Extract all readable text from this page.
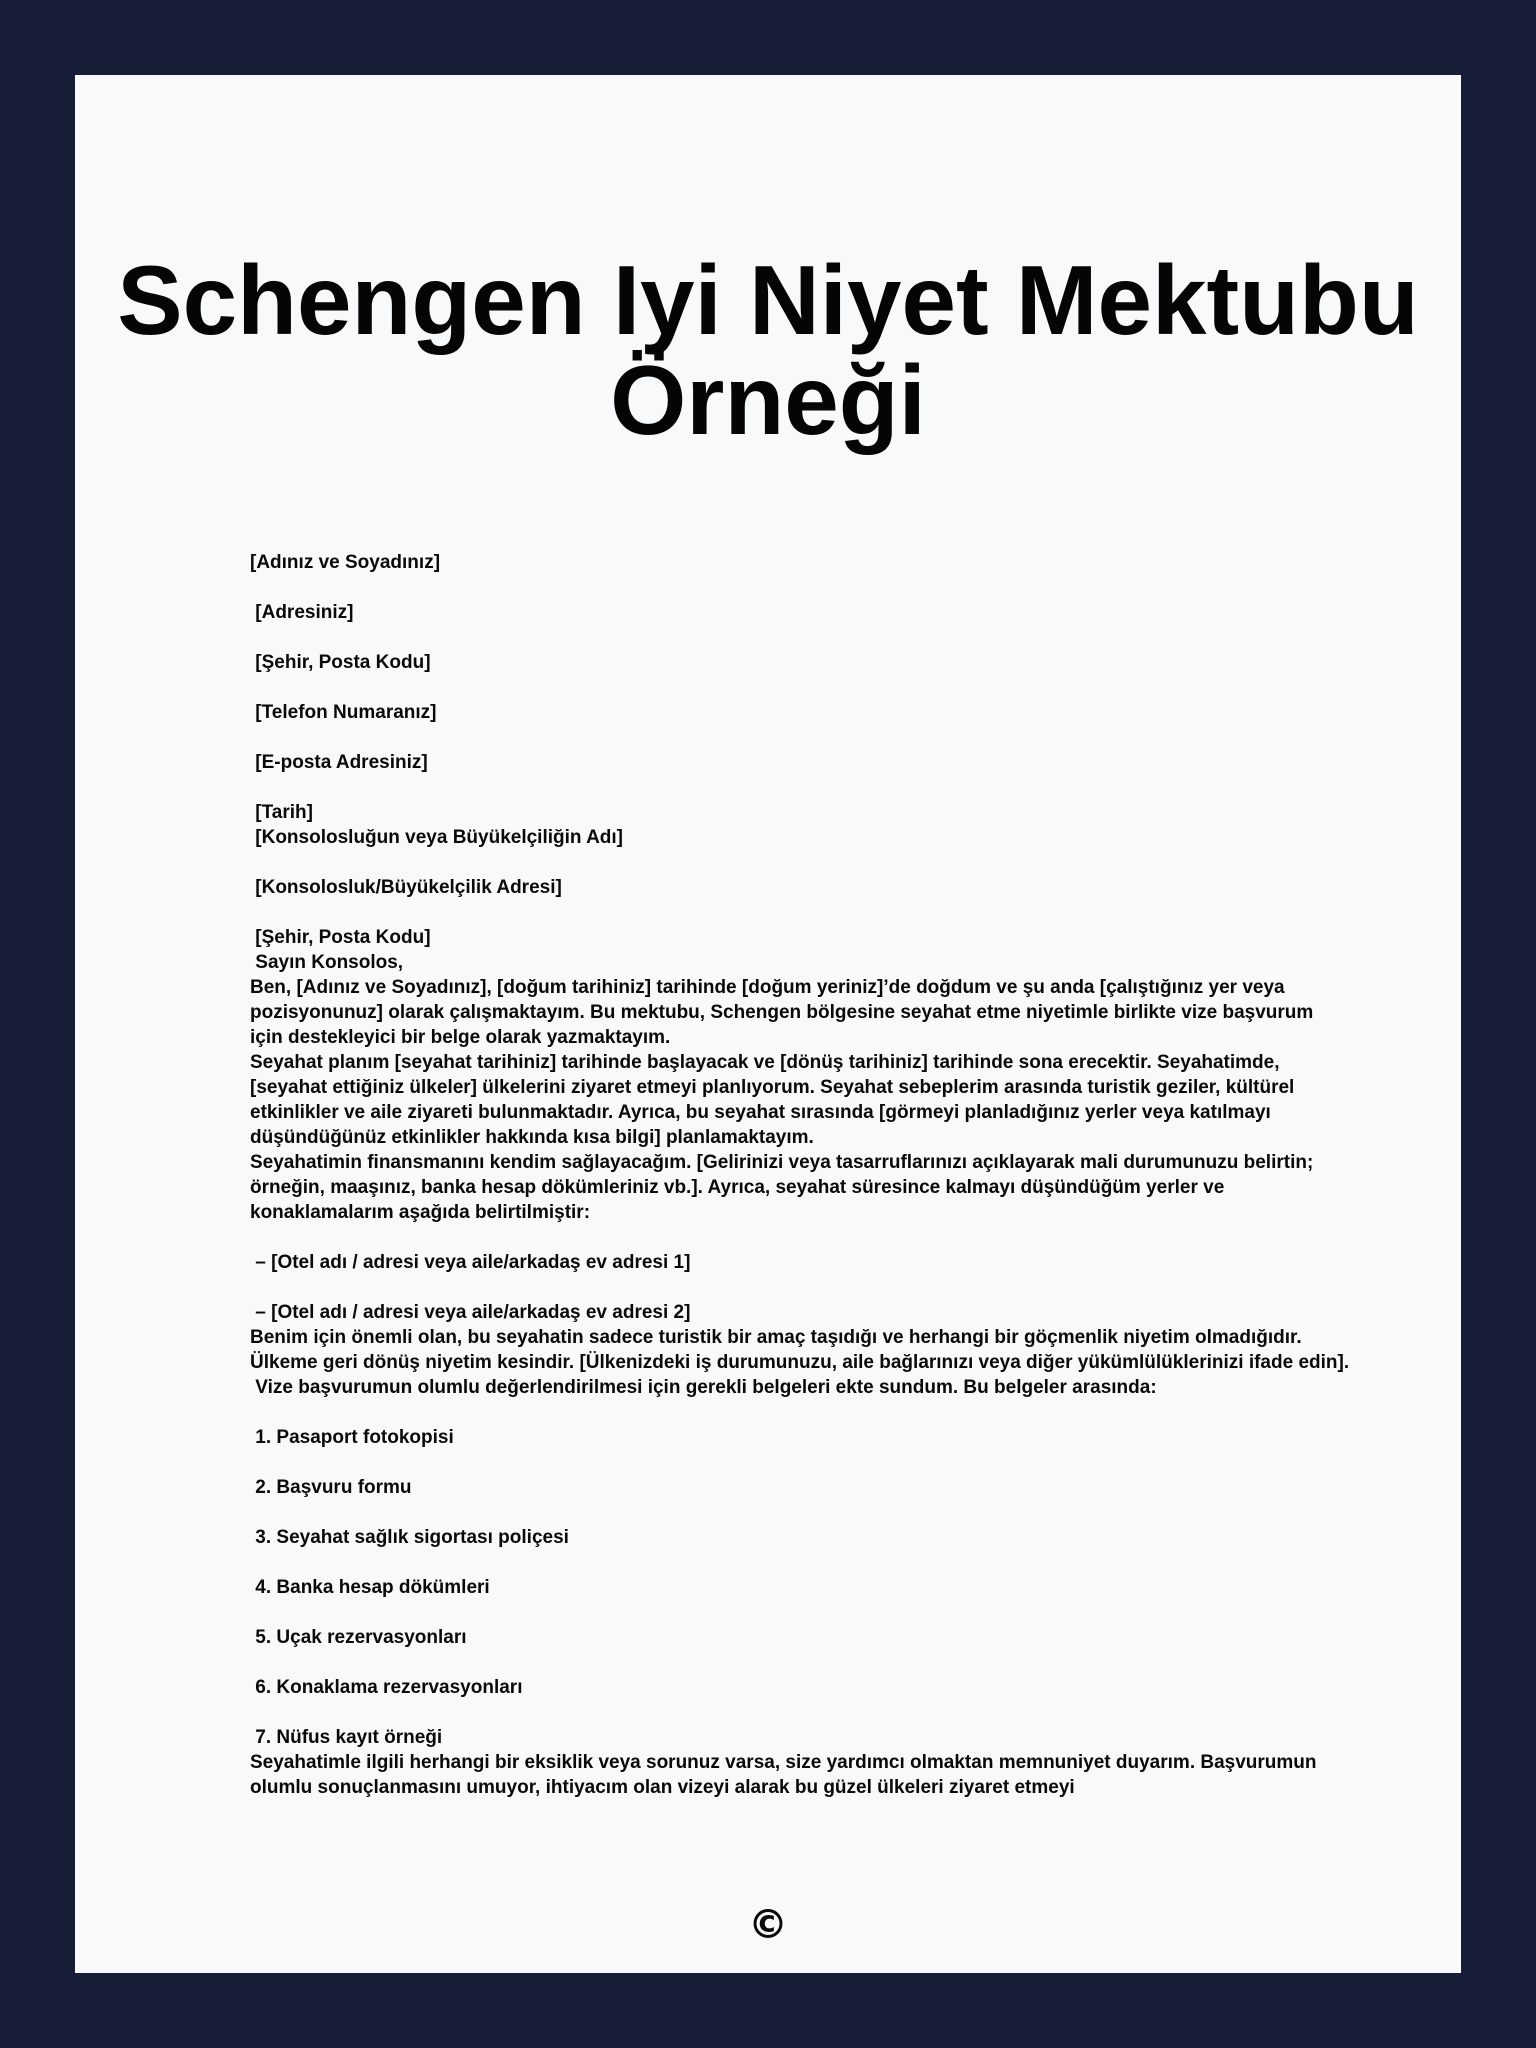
Schengen Iyi Niyet Mektubu Örneği

[Adınız ve Soyadınız]

[Adresiniz]

[Şehir, Posta Kodu]

[Telefon Numaranız]

[E-posta Adresiniz]

[Tarih]

[Konsolosluğun veya Büyükelçiliğin Adı]

[Konsolosluk/Büyükelçilik Adresi]

[Şehir, Posta Kodu]

Sayın Konsolos,

Ben, [Adınız ve Soyadınız], [doğum tarihiniz] tarihinde [doğum yeriniz]’de doğdum ve şu anda [çalıştığınız yer veya pozisyonunuz] olarak çalışmaktayım. Bu mektubu, Schengen bölgesine seyahat etme niyetimle birlikte vize başvurum için destekleyici bir belge olarak yazmaktayım.

Seyahat planım [seyahat tarihiniz] tarihinde başlayacak ve [dönüş tarihiniz] tarihinde sona erecektir. Seyahatimde, [seyahat ettiğiniz ülkeler] ülkelerini ziyaret etmeyi planlıyorum. Seyahat sebeplerim arasında turistik geziler, kültürel etkinlikler ve aile ziyareti bulunmaktadır. Ayrıca, bu seyahat sırasında [görmeyi planladığınız yerler veya katılmayı düşündüğünüz etkinlikler hakkında kısa bilgi] planlamaktayım.

Seyahatimin finansmanını kendim sağlayacağım. [Gelirinizi veya tasarruflarınızı açıklayarak mali durumunuzu belirtin; örneğin, maaşınız, banka hesap dökümleriniz vb.]. Ayrıca, seyahat süresince kalmayı düşündüğüm yerler ve konaklamalarım aşağıda belirtilmiştir:

– [Otel adı / adresi veya aile/arkadaş ev adresi 1]

– [Otel adı / adresi veya aile/arkadaş ev adresi 2]

Benim için önemli olan, bu seyahatin sadece turistik bir amaç taşıdığı ve herhangi bir göçmenlik niyetim olmadığıdır. Ülkeme geri dönüş niyetim kesindir. [Ülkenizdeki iş durumunuzu, aile bağlarınızı veya diğer yükümlülüklerinizi ifade edin].

Vize başvurumun olumlu değerlendirilmesi için gerekli belgeleri ekte sundum. Bu belgeler arasında:

1. Pasaport fotokopisi

2. Başvuru formu

3. Seyahat sağlık sigortası poliçesi

4. Banka hesap dökümleri

5. Uçak rezervasyonları

6. Konaklama rezervasyonları

7. Nüfus kayıt örneği

Seyahatimle ilgili herhangi bir eksiklik veya sorunuz varsa, size yardımcı olmaktan memnuniyet duyarım. Başvurumun olumlu sonuçlanmasını umuyor, ihtiyacım olan vizeyi alarak bu güzel ülkeleri ziyaret etmeyi

©
